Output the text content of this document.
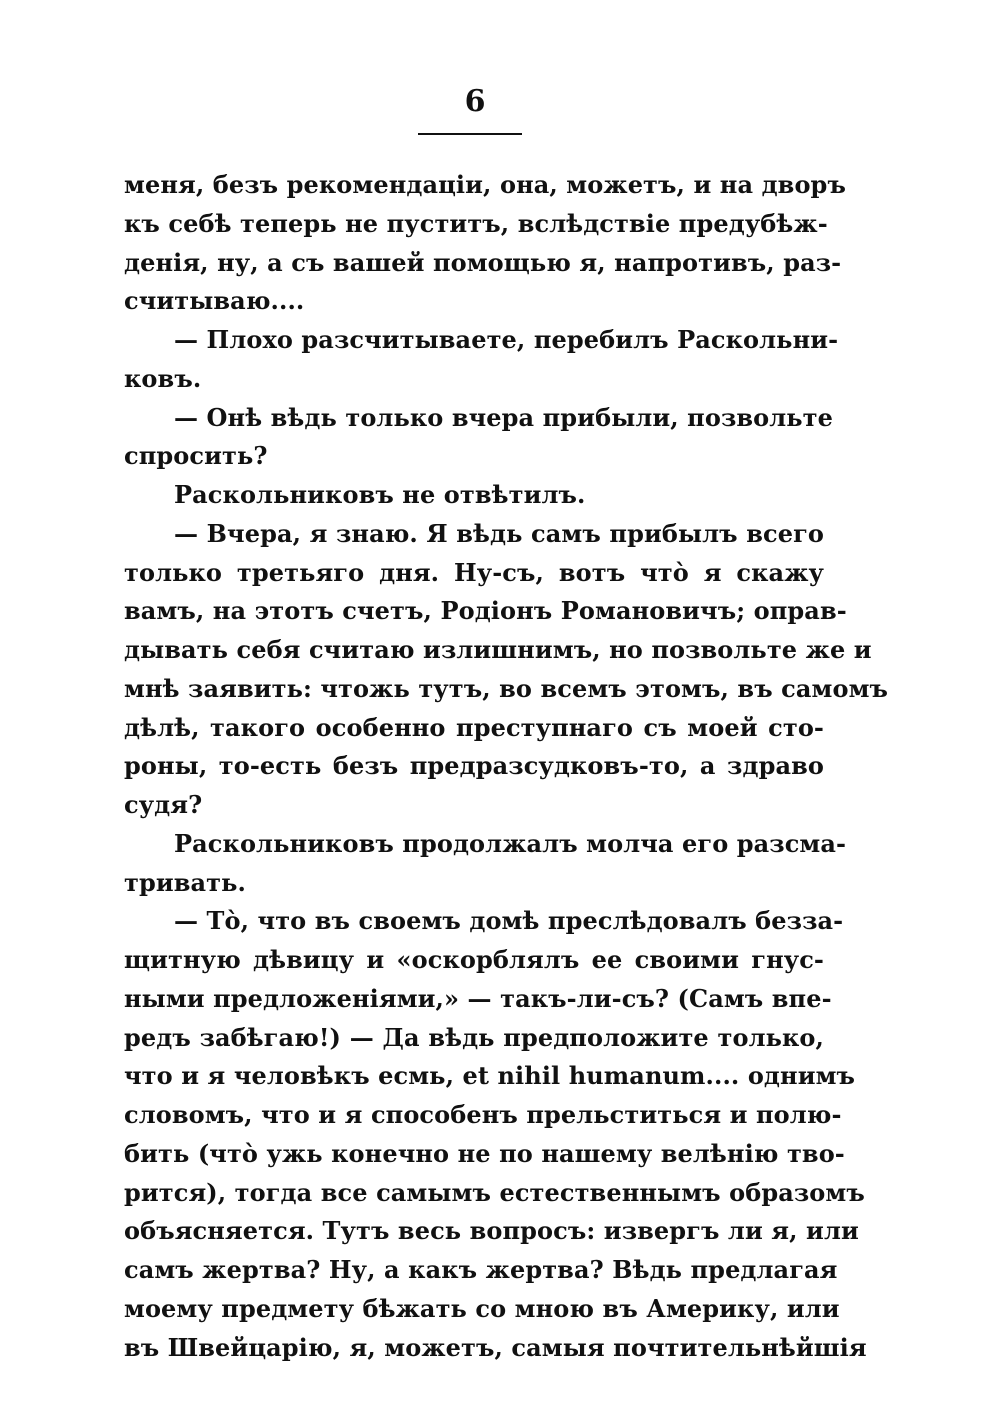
6
меня, безъ рекомендаціи, она, можетъ, и на дворъ
къ себѣ теперь не пуститъ, вслѣдствіе предубѣж-
денія, ну, а съ вашей помощью я, напротивъ, раз-
считываю....
— Плохо разсчитываете, перебилъ Раскольни-
ковъ.
— Онѣ вѣдь только вчера прибыли, позвольте
спросить?
Раскольниковъ не отвѣтилъ.
— Вчера, я знаю. Я вѣдь самъ прибылъ всего
только третьяго дня. Ну-съ, вотъ что̀ я скажу
вамъ, на этотъ счетъ, Родіонъ Романовичъ; оправ-
дывать себя считаю излишнимъ, но позвольте же и
мнѣ заявить: чтожь тутъ, во всемъ этомъ, въ самомъ
дѣлѣ, такого особенно преступнаго съ моей сто-
роны, то-есть безъ предразсудковъ-то, а здраво
судя?
Раскольниковъ продолжалъ молча его разсма-
тривать.
— То̀, что въ своемъ домѣ преслѣдовалъ безза-
щитную дѣвицу и «оскорблялъ ее своими гнус-
ными предложеніями,» — такъ-ли-съ? (Самъ впе-
редъ забѣгаю!) — Да вѣдь предположите только,
что и я человѣкъ есмь, et nihil humanum.... однимъ
словомъ, что и я способенъ прельститься и полю-
бить (что̀ ужь конечно не по нашему велѣнію тво-
рится), тогда все самымъ естественнымъ образомъ
объясняется. Тутъ весь вопросъ: извергъ ли я, или
самъ жертва? Ну, а какъ жертва? Вѣдь предлагая
моему предмету бѣжать со мною въ Америку, или
въ Швейцарію, я, можетъ, самыя почтительнѣйшія
